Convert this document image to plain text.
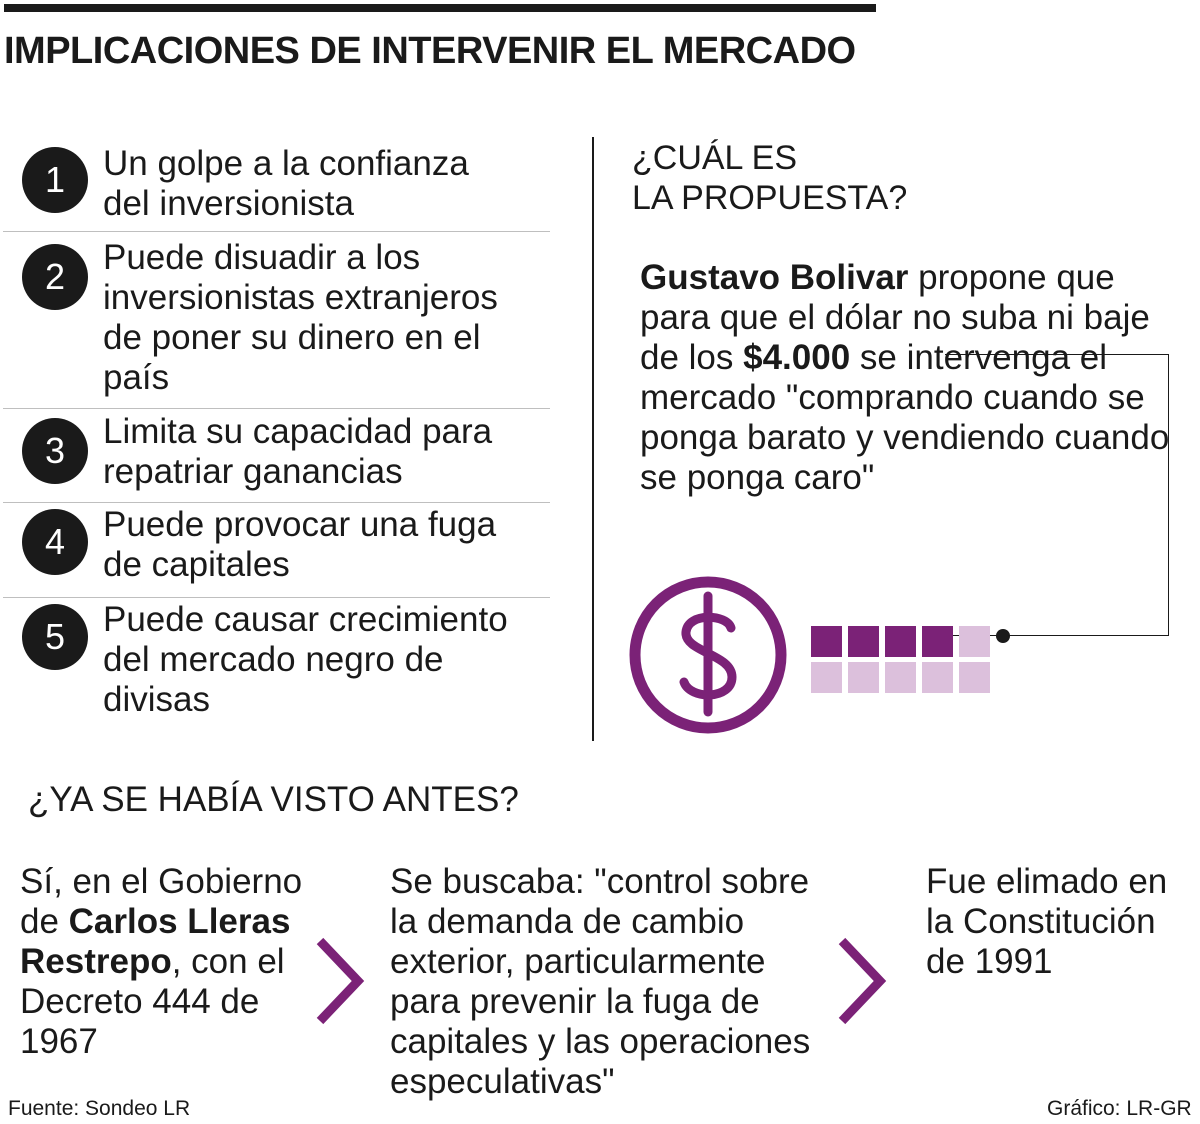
IMPLICACIONES DE INTERVENIR EL MERCADO
1	Un golpe a la confianza
del inversionista
2	Puede disuadir a los
inversionistas extranjeros
de poner su dinero en el
país
3	Limita su capacidad para
repatriar ganancias
4	Puede provocar una fuga
de capitales
5	Puede causar crecimiento
del mercado negro de
divisas
¿CUÁL ES
LA PROPUESTA?
Gustavo Bolivar propone que para que el dólar no suba ni baje de los $4.000 se intervenga el mercado "comprando cuando se ponga barato y vendiendo cuando se ponga caro"
¿YA SE HABÍA VISTO ANTES?
Sí, en el Gobierno de Carlos Lleras Restrepo, con el Decreto 444 de 1967
Se buscaba: "control sobre la demanda de cambio exterior, particularmente para prevenir la fuga de capitales y las operaciones especulativas"
Fue elimado en la Constitución de 1991
Fuente: Sondeo LR	Gráfico: LR-GR
